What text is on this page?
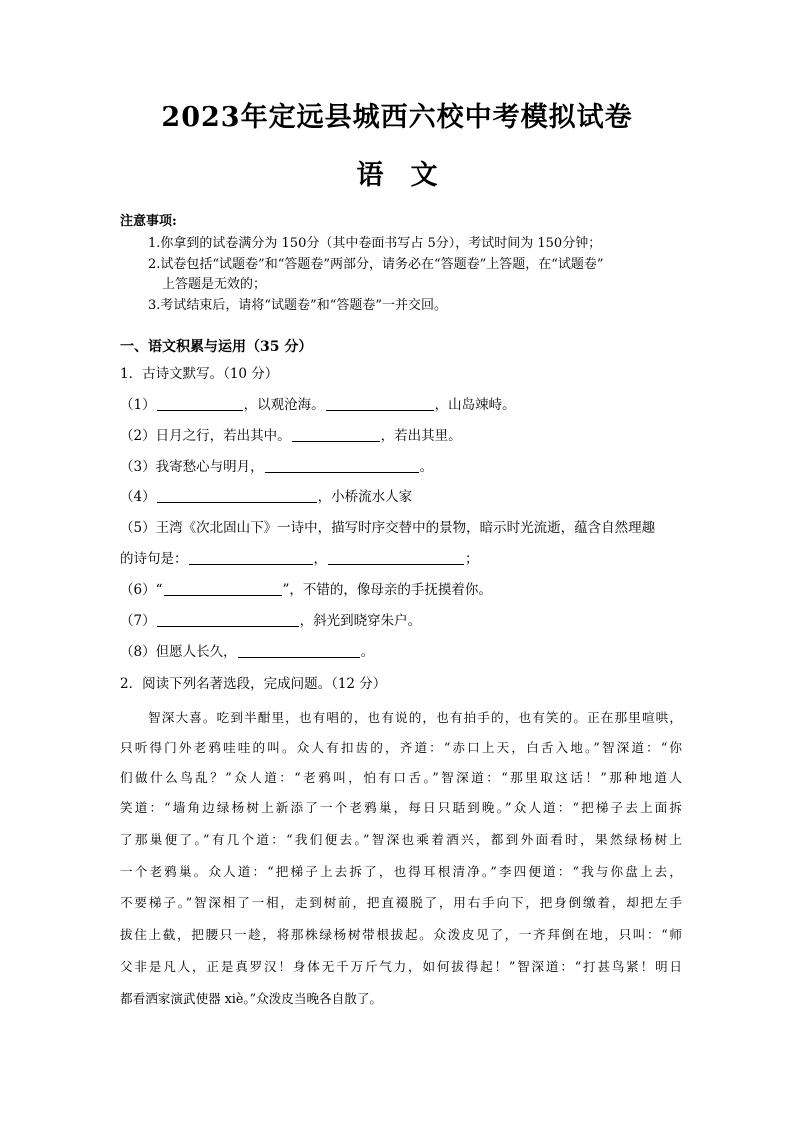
2023年定远县城西六校中考模拟试卷
语　文
注意事项:
1.你拿到的试卷满分为 150分（其中卷面书写占 5分），考试时间为 150分钟；
2.试卷包括“试题卷”和“答题卷”两部分，请务必在“答题卷”上答题，在“试题卷”
上答题是无效的；
3.考试结束后，请将“试题卷”和“答题卷”一并交回。
一、语文积累与运用（35 分）
1．古诗文默写。（10 分）
（1）	，以观沧海。	，山岛竦峙。
（2）日月之行，若出其中。	，若出其里。
（3）我寄愁心与明月，	。
（4）	，小桥流水人家
（5）王湾《次北固山下》一诗中，描写时序交替中的景物，暗示时光流逝，蕴含自然理趣
的诗句是：	，	；
（6）“	”，不错的，像母亲的手抚摸着你。
（7）	，斜光到晓穿朱户。
（8）但愿人长久，	。
2．阅读下列名著选段，完成问题。（12 分）
智深大喜。吃到半酣里，也有唱的，也有说的，也有拍手的，也有笑的。正在那里喧哄，
只听得门外老鸦哇哇的叫。众人有扣齿的，齐道：“赤口上天，白舌入地。”智深道：“你
们做什么鸟乱？”众人道：“老鸦叫，怕有口舌。”智深道：“那里取这话！”那种地道人
笑道：“墙角边绿杨树上新添了一个老鸦巢，每日只聒到晚。”众人道：“把梯子去上面拆
了那巢便了。”有几个道：“我们便去。”智深也乘着酒兴，都到外面看时，果然绿杨树上
一个老鸦巢。众人道：“把梯子上去拆了，也得耳根清净。”李四便道：“我与你盘上去，
不要梯子。”智深相了一相，走到树前，把直裰脱了，用右手向下，把身倒缴着，却把左手
拔住上截，把腰只一趁，将那株绿杨树带根拔起。众泼皮见了，一齐拜倒在地，只叫：“师
父非是凡人，正是真罗汉！身体无千万斤气力，如何拔得起！”智深道：“打甚鸟紧！明日
都看洒家演武使器 xiè。”众泼皮当晚各自散了。
